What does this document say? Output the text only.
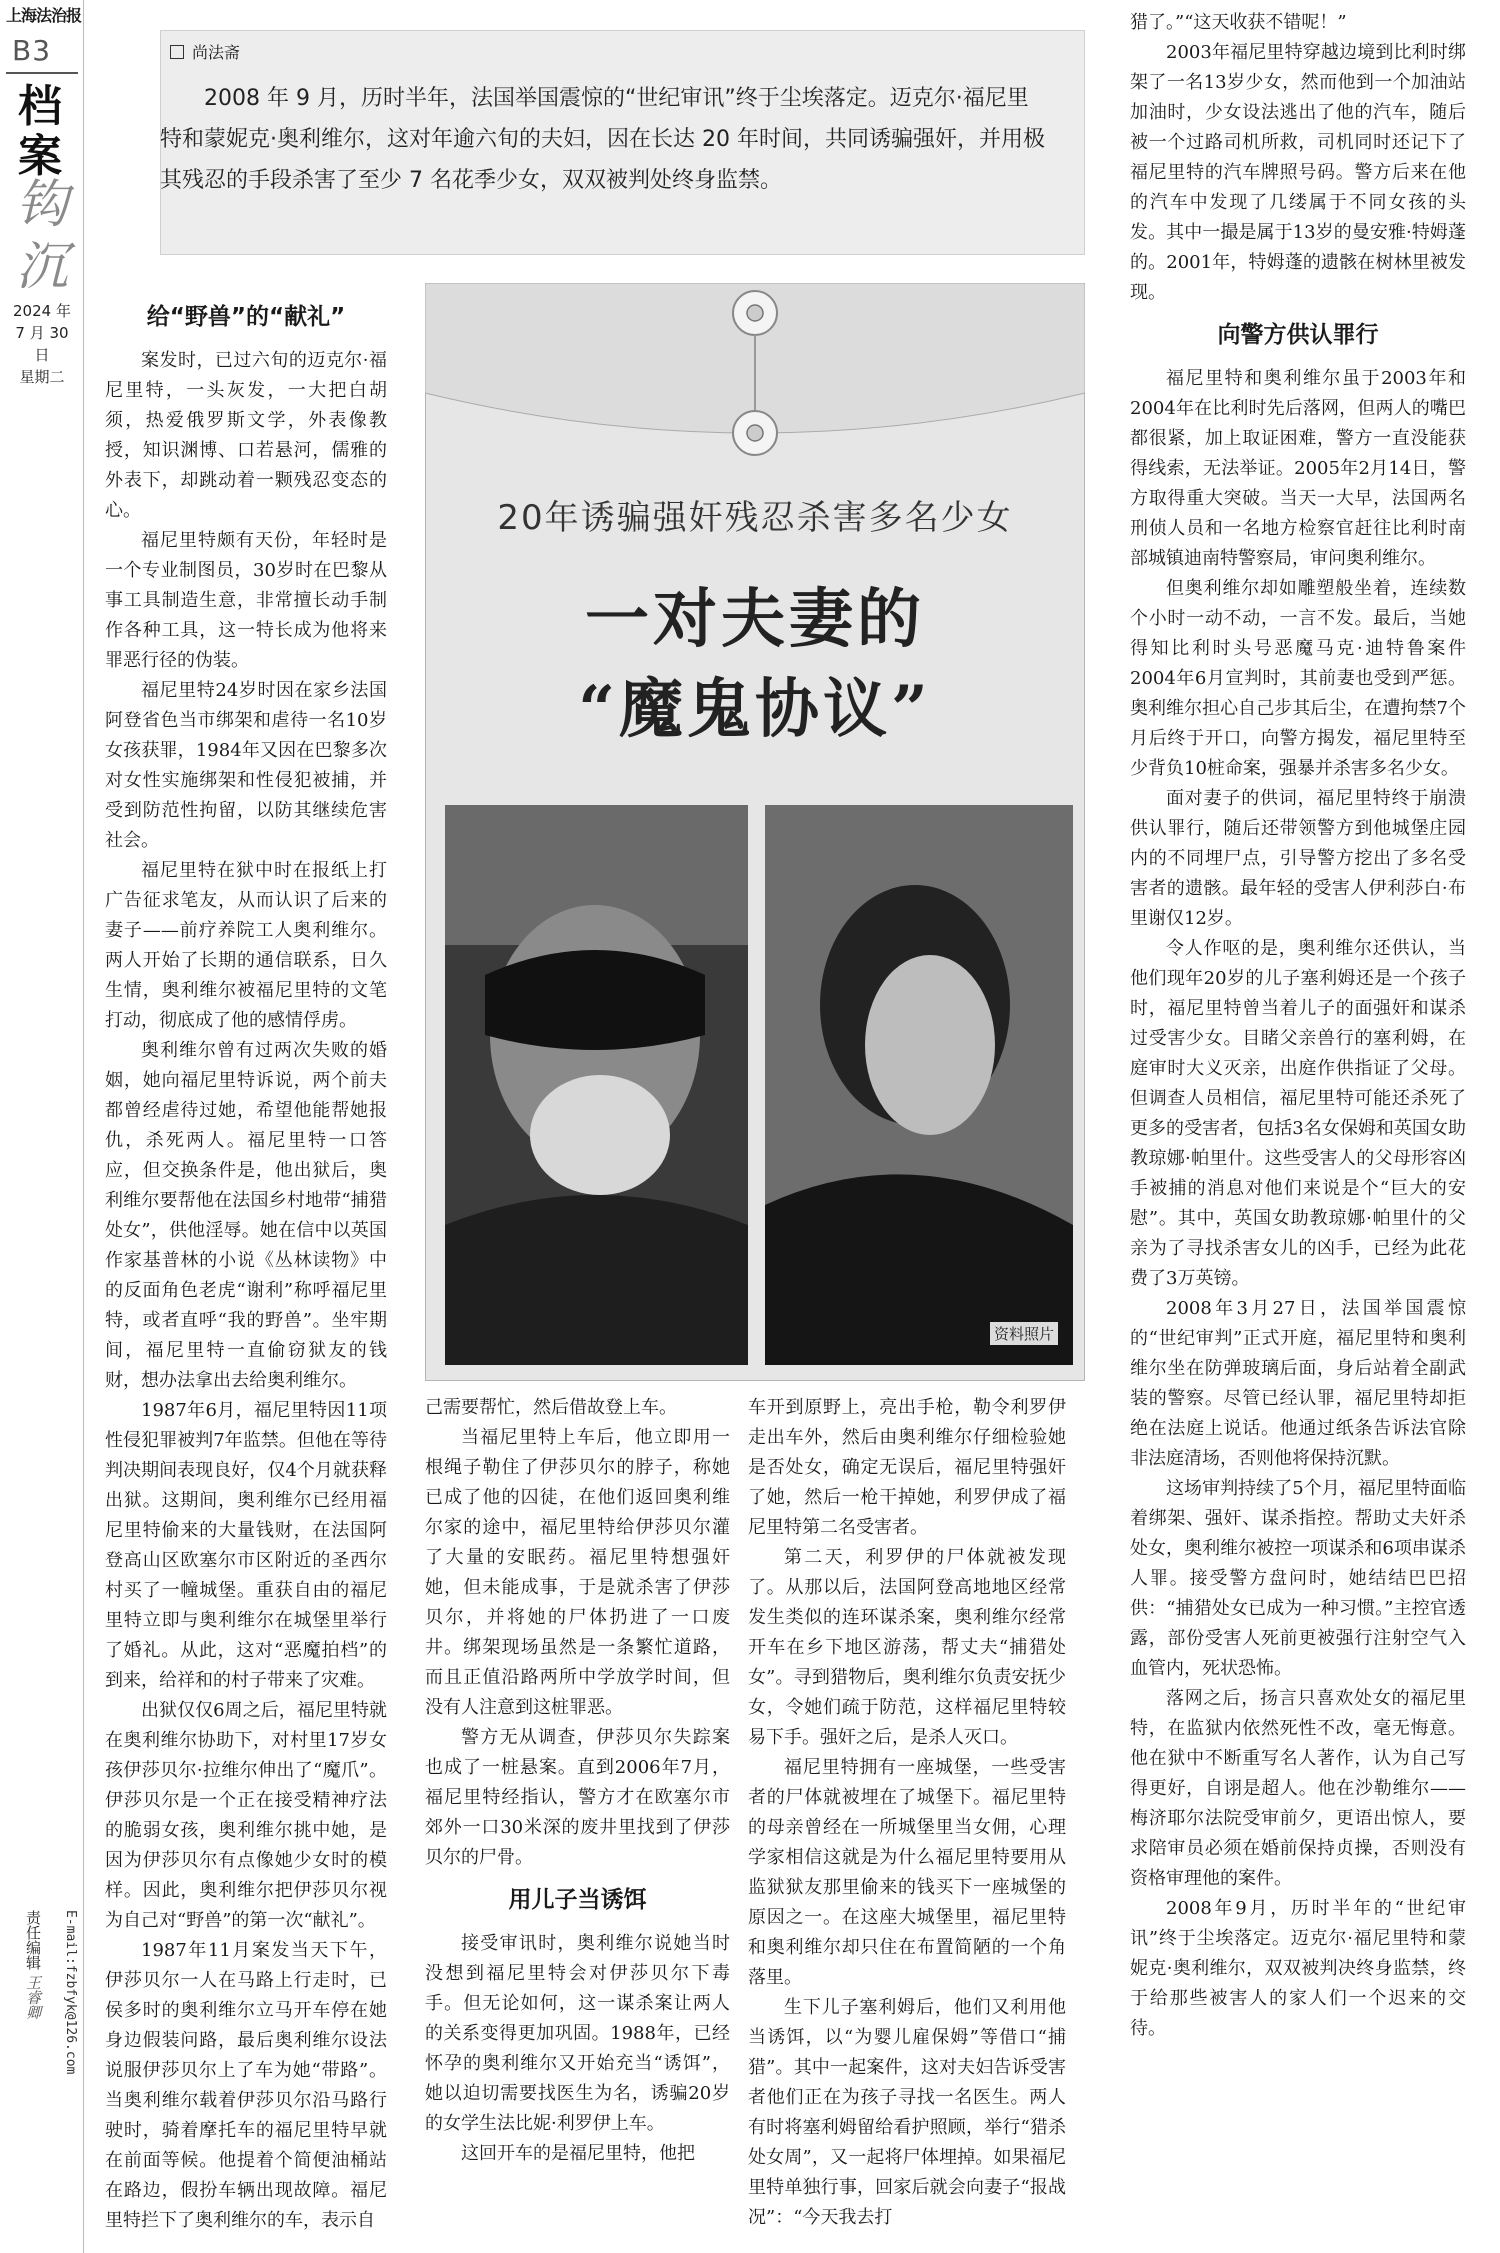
上海法治报
B3
档案
钩沉
2024 年
7 月 30 日
星期二
责任编辑 王睿卿	E-mail:fzbfyk@126.com
尚法斋
2008 年 9 月，历时半年，法国举国震惊的“世纪审讯”终于尘埃落定。迈克尔·福尼里特和蒙妮克·奥利维尔，这对年逾六旬的夫妇，因在长达 20 年时间，共同诱骗强奸，并用极其残忍的手段杀害了至少 7 名花季少女，双双被判处终身监禁。
给“野兽”的“献礼”

案发时，已过六旬的迈克尔·福尼里特，一头灰发，一大把白胡须，热爱俄罗斯文学，外表像教授，知识渊博、口若悬河，儒雅的外表下，却跳动着一颗残忍变态的心。

福尼里特颇有天份，年轻时是一个专业制图员，30岁时在巴黎从事工具制造生意，非常擅长动手制作各种工具，这一特长成为他将来罪恶行径的伪装。

福尼里特24岁时因在家乡法国阿登省色当市绑架和虐待一名10岁女孩获罪，1984年又因在巴黎多次对女性实施绑架和性侵犯被捕，并受到防范性拘留，以防其继续危害社会。

福尼里特在狱中时在报纸上打广告征求笔友，从而认识了后来的妻子——前疗养院工人奥利维尔。两人开始了长期的通信联系，日久生情，奥利维尔被福尼里特的文笔打动，彻底成了他的感情俘虏。

奥利维尔曾有过两次失败的婚姻，她向福尼里特诉说，两个前夫都曾经虐待过她，希望他能帮她报仇，杀死两人。福尼里特一口答应，但交换条件是，他出狱后，奥利维尔要帮他在法国乡村地带“捕猎处女”，供他淫辱。她在信中以英国作家基普林的小说《丛林读物》中的反面角色老虎“谢利”称呼福尼里特，或者直呼“我的野兽”。坐牢期间，福尼里特一直偷窃狱友的钱财，想办法拿出去给奥利维尔。

1987年6月，福尼里特因11项性侵犯罪被判7年监禁。但他在等待判决期间表现良好，仅4个月就获释出狱。这期间，奥利维尔已经用福尼里特偷来的大量钱财，在法国阿登高山区欧塞尔市区附近的圣西尔村买了一幢城堡。重获自由的福尼里特立即与奥利维尔在城堡里举行了婚礼。从此，这对“恶魔拍档”的到来，给祥和的村子带来了灾难。

出狱仅仅6周之后，福尼里特就在奥利维尔协助下，对村里17岁女孩伊莎贝尔·拉维尔伸出了“魔爪”。伊莎贝尔是一个正在接受精神疗法的脆弱女孩，奥利维尔挑中她，是因为伊莎贝尔有点像她少女时的模样。因此，奥利维尔把伊莎贝尔视为自己对“野兽”的第一次“献礼”。

1987年11月案发当天下午，伊莎贝尔一人在马路上行走时，已侯多时的奥利维尔立马开车停在她身边假装问路，最后奥利维尔设法说服伊莎贝尔上了车为她“带路”。当奥利维尔载着伊莎贝尔沿马路行驶时，骑着摩托车的福尼里特早就在前面等候。他提着个简便油桶站在路边，假扮车辆出现故障。福尼里特拦下了奥利维尔的车，表示自

20年诱骗强奸残忍杀害多名少女
一对夫妻的
“魔鬼协议”
资料照片

己需要帮忙，然后借故登上车。

当福尼里特上车后，他立即用一根绳子勒住了伊莎贝尔的脖子，称她已成了他的囚徒，在他们返回奥利维尔家的途中，福尼里特给伊莎贝尔灌了大量的安眠药。福尼里特想强奸她，但未能成事，于是就杀害了伊莎贝尔，并将她的尸体扔进了一口废井。绑架现场虽然是一条繁忙道路，而且正值沿路两所中学放学时间，但没有人注意到这桩罪恶。

警方无从调查，伊莎贝尔失踪案也成了一桩悬案。直到2006年7月，福尼里特经指认，警方才在欧塞尔市郊外一口30米深的废井里找到了伊莎贝尔的尸骨。

用儿子当诱饵

接受审讯时，奥利维尔说她当时没想到福尼里特会对伊莎贝尔下毒手。但无论如何，这一谋杀案让两人的关系变得更加巩固。1988年，已经怀孕的奥利维尔又开始充当“诱饵”，她以迫切需要找医生为名，诱骗20岁的女学生法比妮·利罗伊上车。

这回开车的是福尼里特，他把

车开到原野上，亮出手枪，勒令利罗伊走出车外，然后由奥利维尔仔细检验她是否处女，确定无误后，福尼里特强奸了她，然后一枪干掉她，利罗伊成了福尼里特第二名受害者。

第二天，利罗伊的尸体就被发现了。从那以后，法国阿登高地地区经常发生类似的连环谋杀案，奥利维尔经常开车在乡下地区游荡，帮丈夫“捕猎处女”。寻到猎物后，奥利维尔负责安抚少女，令她们疏于防范，这样福尼里特较易下手。强奸之后，是杀人灭口。

福尼里特拥有一座城堡，一些受害者的尸体就被埋在了城堡下。福尼里特的母亲曾经在一所城堡里当女佣，心理学家相信这就是为什么福尼里特要用从监狱狱友那里偷来的钱买下一座城堡的原因之一。在这座大城堡里，福尼里特和奥利维尔却只住在布置简陋的一个角落里。

生下儿子塞利姆后，他们又利用他当诱饵，以“为婴儿雇保姆”等借口“捕猎”。其中一起案件，这对夫妇告诉受害者他们正在为孩子寻找一名医生。两人有时将塞利姆留给看护照顾，举行“猎杀处女周”，又一起将尸体埋掉。如果福尼里特单独行事，回家后就会向妻子“报战况”：“今天我去打

猎了。”“这天收获不错呢！”

2003年福尼里特穿越边境到比利时绑架了一名13岁少女，然而他到一个加油站加油时，少女设法逃出了他的汽车，随后被一个过路司机所救，司机同时还记下了福尼里特的汽车牌照号码。警方后来在他的汽车中发现了几缕属于不同女孩的头发。其中一撮是属于13岁的曼安雅·特姆蓬的。2001年，特姆蓬的遗骸在树林里被发现。

向警方供认罪行

福尼里特和奥利维尔虽于2003年和2004年在比利时先后落网，但两人的嘴巴都很紧，加上取证困难，警方一直没能获得线索，无法举证。2005年2月14日，警方取得重大突破。当天一大早，法国两名刑侦人员和一名地方检察官赶往比利时南部城镇迪南特警察局，审问奥利维尔。

但奥利维尔却如雕塑般坐着，连续数个小时一动不动，一言不发。最后，当她得知比利时头号恶魔马克·迪特鲁案件2004年6月宣判时，其前妻也受到严惩。奥利维尔担心自己步其后尘，在遭拘禁7个月后终于开口，向警方揭发，福尼里特至少背负10桩命案，强暴并杀害多名少女。

面对妻子的供词，福尼里特终于崩溃供认罪行，随后还带领警方到他城堡庄园内的不同埋尸点，引导警方挖出了多名受害者的遗骸。最年轻的受害人伊利莎白·布里谢仅12岁。

令人作呕的是，奥利维尔还供认，当他们现年20岁的儿子塞利姆还是一个孩子时，福尼里特曾当着儿子的面强奸和谋杀过受害少女。目睹父亲兽行的塞利姆，在庭审时大义灭亲，出庭作供指证了父母。但调查人员相信，福尼里特可能还杀死了更多的受害者，包括3名女保姆和英国女助教琼娜·帕里什。这些受害人的父母形容凶手被捕的消息对他们来说是个“巨大的安慰”。其中，英国女助教琼娜·帕里什的父亲为了寻找杀害女儿的凶手，已经为此花费了3万英镑。

2008年3月27日，法国举国震惊的“世纪审判”正式开庭，福尼里特和奥利维尔坐在防弹玻璃后面，身后站着全副武装的警察。尽管已经认罪，福尼里特却拒绝在法庭上说话。他通过纸条告诉法官除非法庭清场，否则他将保持沉默。

这场审判持续了5个月，福尼里特面临着绑架、强奸、谋杀指控。帮助丈夫奸杀处女，奥利维尔被控一项谋杀和6项串谋杀人罪。接受警方盘问时，她结结巴巴招供：“捕猎处女已成为一种习惯。”主控官透露，部份受害人死前更被强行注射空气入血管内，死状恐怖。

落网之后，扬言只喜欢处女的福尼里特，在监狱内依然死性不改，毫无悔意。他在狱中不断重写名人著作，认为自己写得更好，自诩是超人。他在沙勒维尔——梅济耶尔法院受审前夕，更语出惊人，要求陪审员必须在婚前保持贞操，否则没有资格审理他的案件。

2008年9月，历时半年的“世纪审讯”终于尘埃落定。迈克尔·福尼里特和蒙妮克·奥利维尔，双双被判决终身监禁，终于给那些被害人的家人们一个迟来的交待。
